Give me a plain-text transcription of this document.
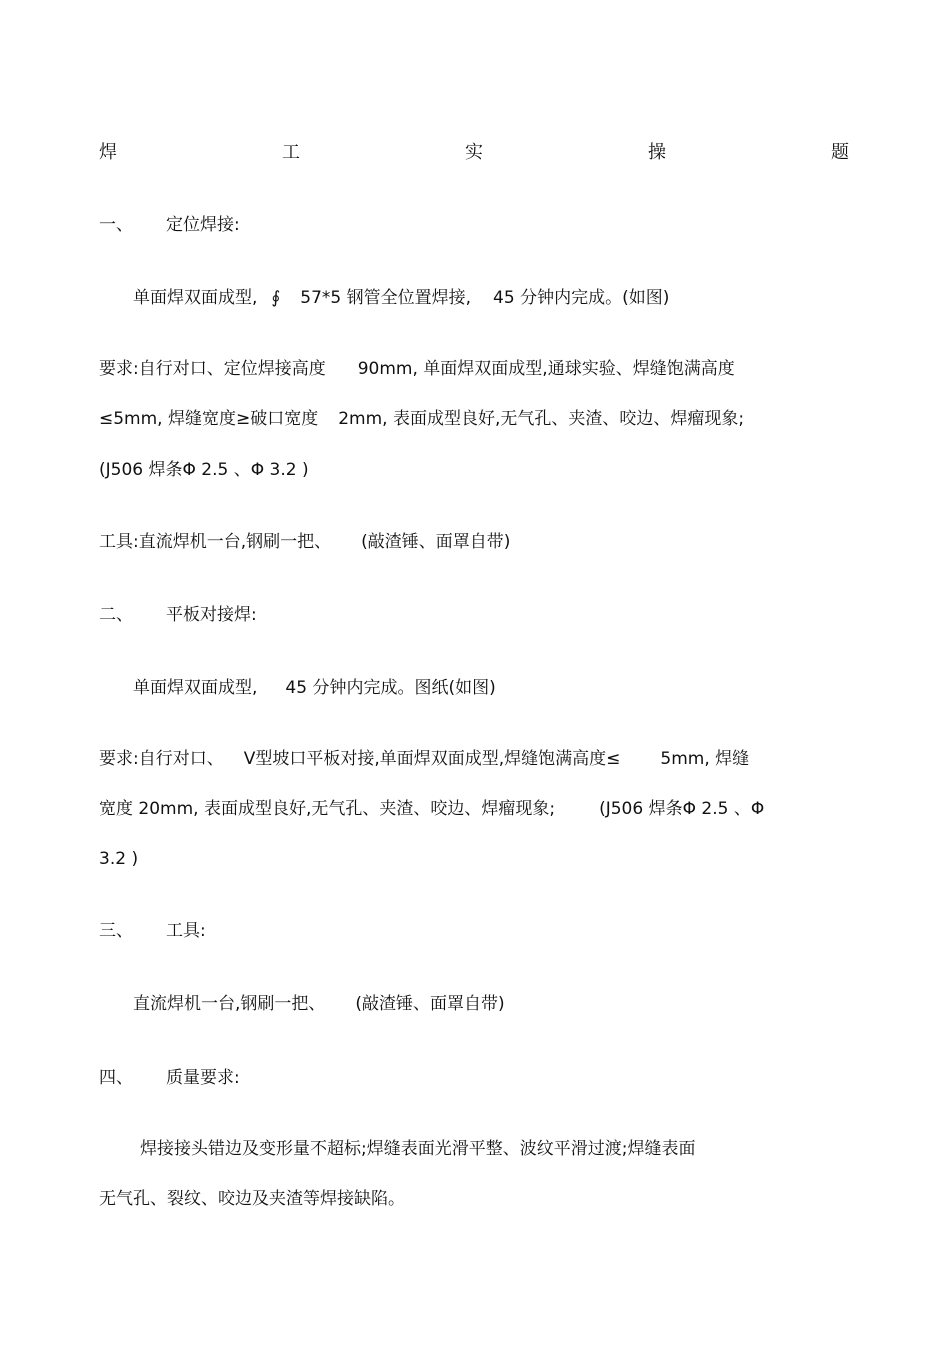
焊	工	实	操	题
一、 定位焊接:
单面焊双面成型, ∮ 57*5 钢管全位置焊接, 45 分钟内完成。(如图)
要求:自行对口、定位焊接高度 90mm, 单面焊双面成型,通球实验、焊缝饱满高度
≤5mm, 焊缝宽度≥破口宽度 2mm, 表面成型良好,无气孔、夹渣、咬边、焊瘤现象;
(J506 焊条Φ 2.5 、Φ 3.2 )
工具:直流焊机一台,钢刷一把、 (敲渣锤、面罩自带)
二、 平板对接焊:
单面焊双面成型, 45 分钟内完成。图纸(如图)
要求:自行对口、 V型坡口平板对接,单面焊双面成型,焊缝饱满高度≤ 5mm, 焊缝
宽度 20mm, 表面成型良好,无气孔、夹渣、咬边、焊瘤现象;	(J506 焊条Φ 2.5 、Φ
3.2 )
三、 工具:
直流焊机一台,钢刷一把、 (敲渣锤、面罩自带)
四、 质量要求:
焊接接头错边及变形量不超标;焊缝表面光滑平整、波纹平滑过渡;焊缝表面
无气孔、裂纹、咬边及夹渣等焊接缺陷。
